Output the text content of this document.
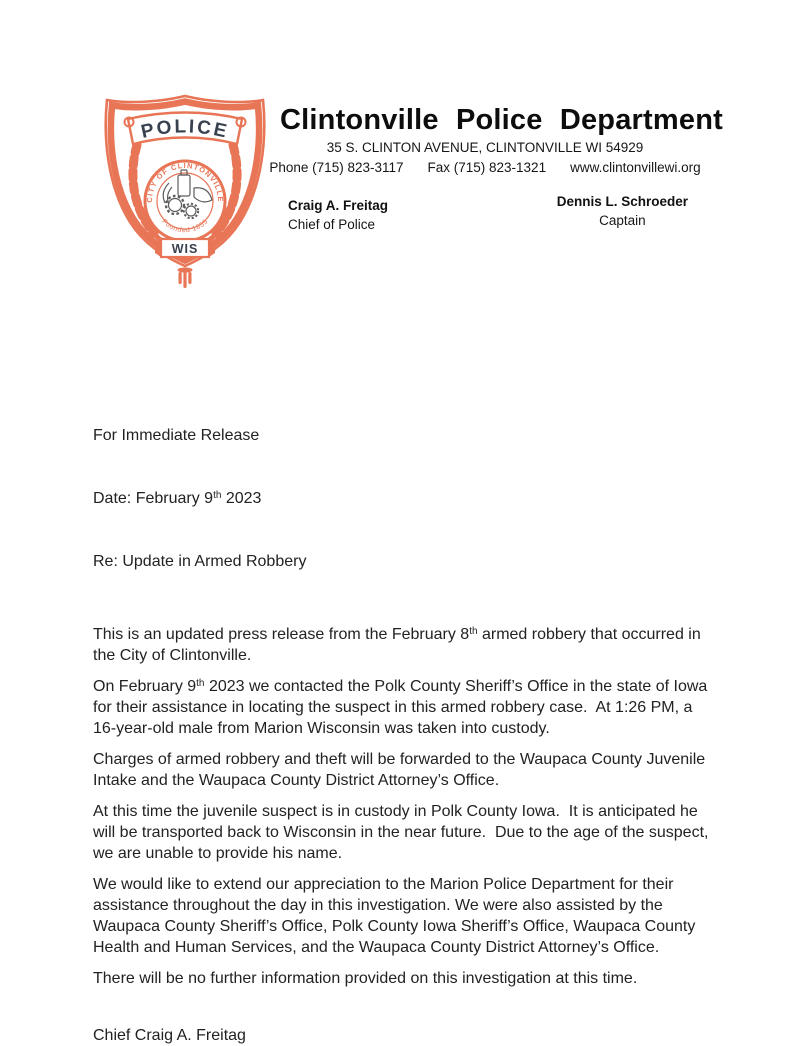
POLICE
CITY OF CLINTONVILLE
Founded 1855
WIS
Clintonville Police Department
35 S. CLINTON AVENUE, CLINTONVILLE WI 54929
Phone (715) 823-3117 Fax (715) 823-1321 www.clintonvillewi.org
Craig A. Freitag
Chief of Police
Dennis L. Schroeder
Captain

For Immediate Release

Date: February 9th 2023

Re: Update in Armed Robbery

This is an updated press release from the February 8th armed robbery that occurred in the City of Clintonville.

On February 9th 2023 we contacted the Polk County Sheriff’s Office in the state of Iowa for their assistance in locating the suspect in this armed robbery case.  At 1:26 PM, a 16-year-old male from Marion Wisconsin was taken into custody.

Charges of armed robbery and theft will be forwarded to the Waupaca County Juvenile Intake and the Waupaca County District Attorney’s Office.

At this time the juvenile suspect is in custody in Polk County Iowa.  It is anticipated he will be transported back to Wisconsin in the near future.  Due to the age of the suspect, we are unable to provide his name.

We would like to extend our appreciation to the Marion Police Department for their assistance throughout the day in this investigation. We were also assisted by the Waupaca County Sheriff’s Office, Polk County Iowa Sheriff’s Office, Waupaca County Health and Human Services, and the Waupaca County District Attorney’s Office.

There will be no further information provided on this investigation at this time.

Chief Craig A. Freitag
